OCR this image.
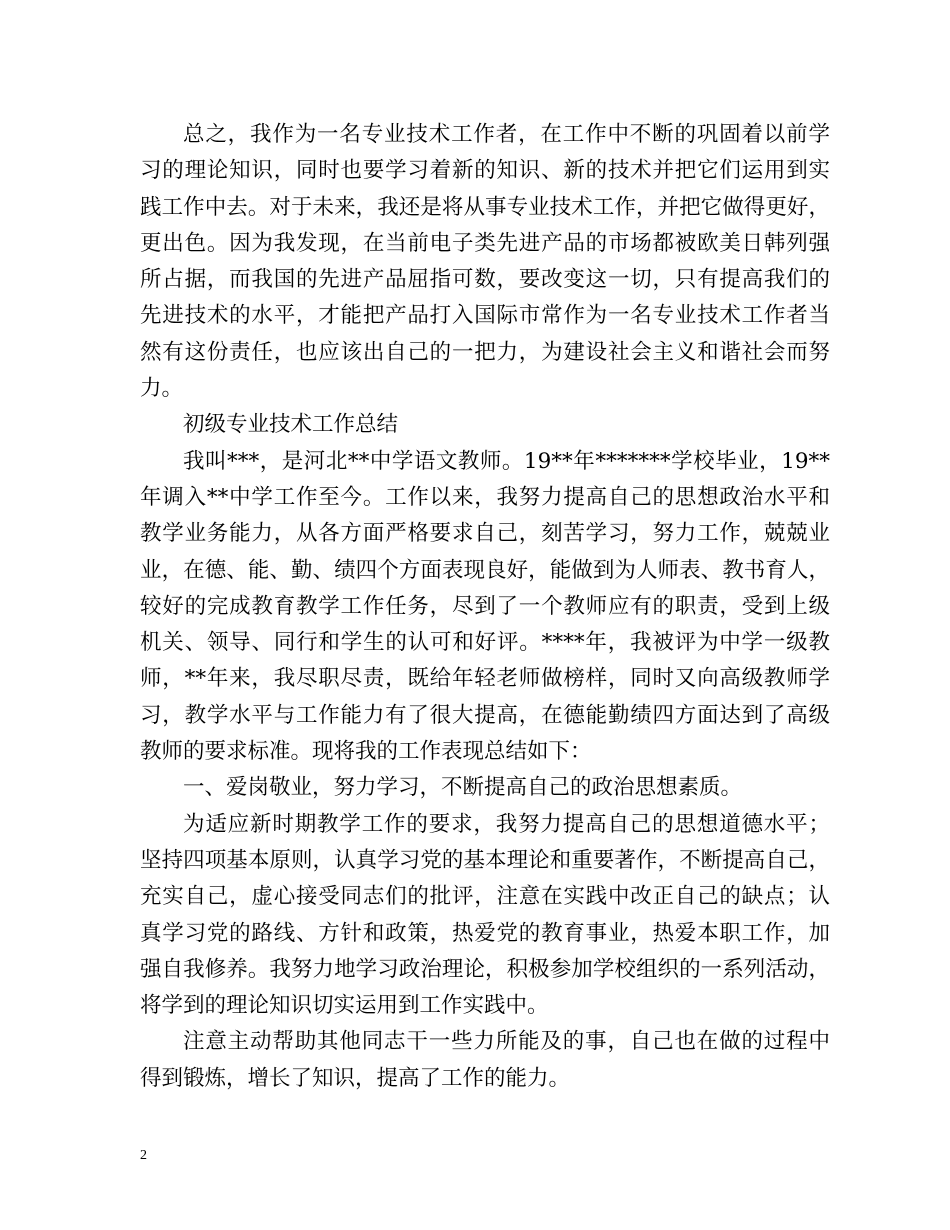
总之，我作为一名专业技术工作者，在工作中不断的巩固着以前学
习的理论知识，同时也要学习着新的知识、新的技术并把它们运用到实
践工作中去。对于未来，我还是将从事专业技术工作，并把它做得更好，
更出色。因为我发现，在当前电子类先进产品的市场都被欧美日韩列强
所占据，而我国的先进产品屈指可数，要改变这一切，只有提高我们的
先进技术的水平，才能把产品打入国际市常作为一名专业技术工作者当
然有这份责任，也应该出自己的一把力，为建设社会主义和谐社会而努
力。
初级专业技术工作总结
我叫***，是河北**中学语文教师。19**年*******学校毕业，19**
年调入**中学工作至今。工作以来，我努力提高自己的思想政治水平和
教学业务能力，从各方面严格要求自己，刻苦学习，努力工作，兢兢业
业，在德、能、勤、绩四个方面表现良好，能做到为人师表、教书育人，
较好的完成教育教学工作任务，尽到了一个教师应有的职责，受到上级
机关、领导、同行和学生的认可和好评。****年，我被评为中学一级教
师，**年来，我尽职尽责，既给年轻老师做榜样，同时又向高级教师学
习，教学水平与工作能力有了很大提高，在德能勤绩四方面达到了高级
教师的要求标准。现将我的工作表现总结如下：
一、爱岗敬业，努力学习，不断提高自己的政治思想素质。
为适应新时期教学工作的要求，我努力提高自己的思想道德水平；
坚持四项基本原则，认真学习党的基本理论和重要著作，不断提高自己，
充实自己，虚心接受同志们的批评，注意在实践中改正自己的缺点；认
真学习党的路线、方针和政策，热爱党的教育事业，热爱本职工作，加
强自我修养。我努力地学习政治理论，积极参加学校组织的一系列活动，
将学到的理论知识切实运用到工作实践中。
注意主动帮助其他同志干一些力所能及的事，自己也在做的过程中
得到锻炼，增长了知识，提高了工作的能力。
2
